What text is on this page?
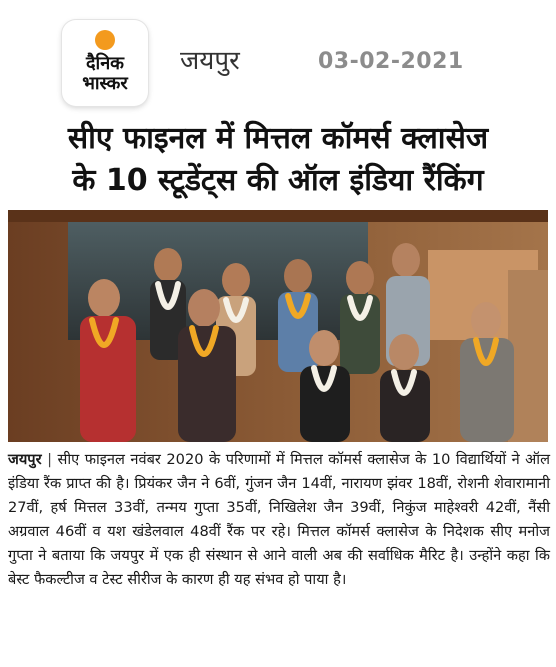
दैनिक
भास्कर
जयपुर	03-02-2021
सीए फाइनल में मित्तल कॉमर्स क्लासेज
के 10 स्टूडेंट्स की ऑल इंडिया रैंकिंग
जयपुर | सीए फाइनल नवंबर 2020 के परिणामों में मित्तल कॉमर्स क्लासेज के 10 विद्यार्थियों ने ऑल इंडिया रैंक प्राप्त की है। प्रियंकर जैन ने 6वीं, गुंजन जैन 14वीं, नारायण झंवर 18वीं, रोशनी शेवारामानी 27वीं, हर्ष मित्तल 33वीं, तन्मय गुप्ता 35वीं, निखिलेश जैन 39वीं, निकुंज माहेश्वरी 42वीं, नैंसी अग्रवाल 46वीं व यश खंडेलवाल 48वीं रैंक पर रहे। मित्तल कॉमर्स क्लासेज के निदेशक सीए मनोज गुप्ता ने बताया कि जयपुर में एक ही संस्थान से आने वाली अब की सर्वाधिक मैरिट है। उन्होंने कहा कि बेस्ट फैकल्टीज व टेस्ट सीरीज के कारण ही यह संभव हो पाया है।
